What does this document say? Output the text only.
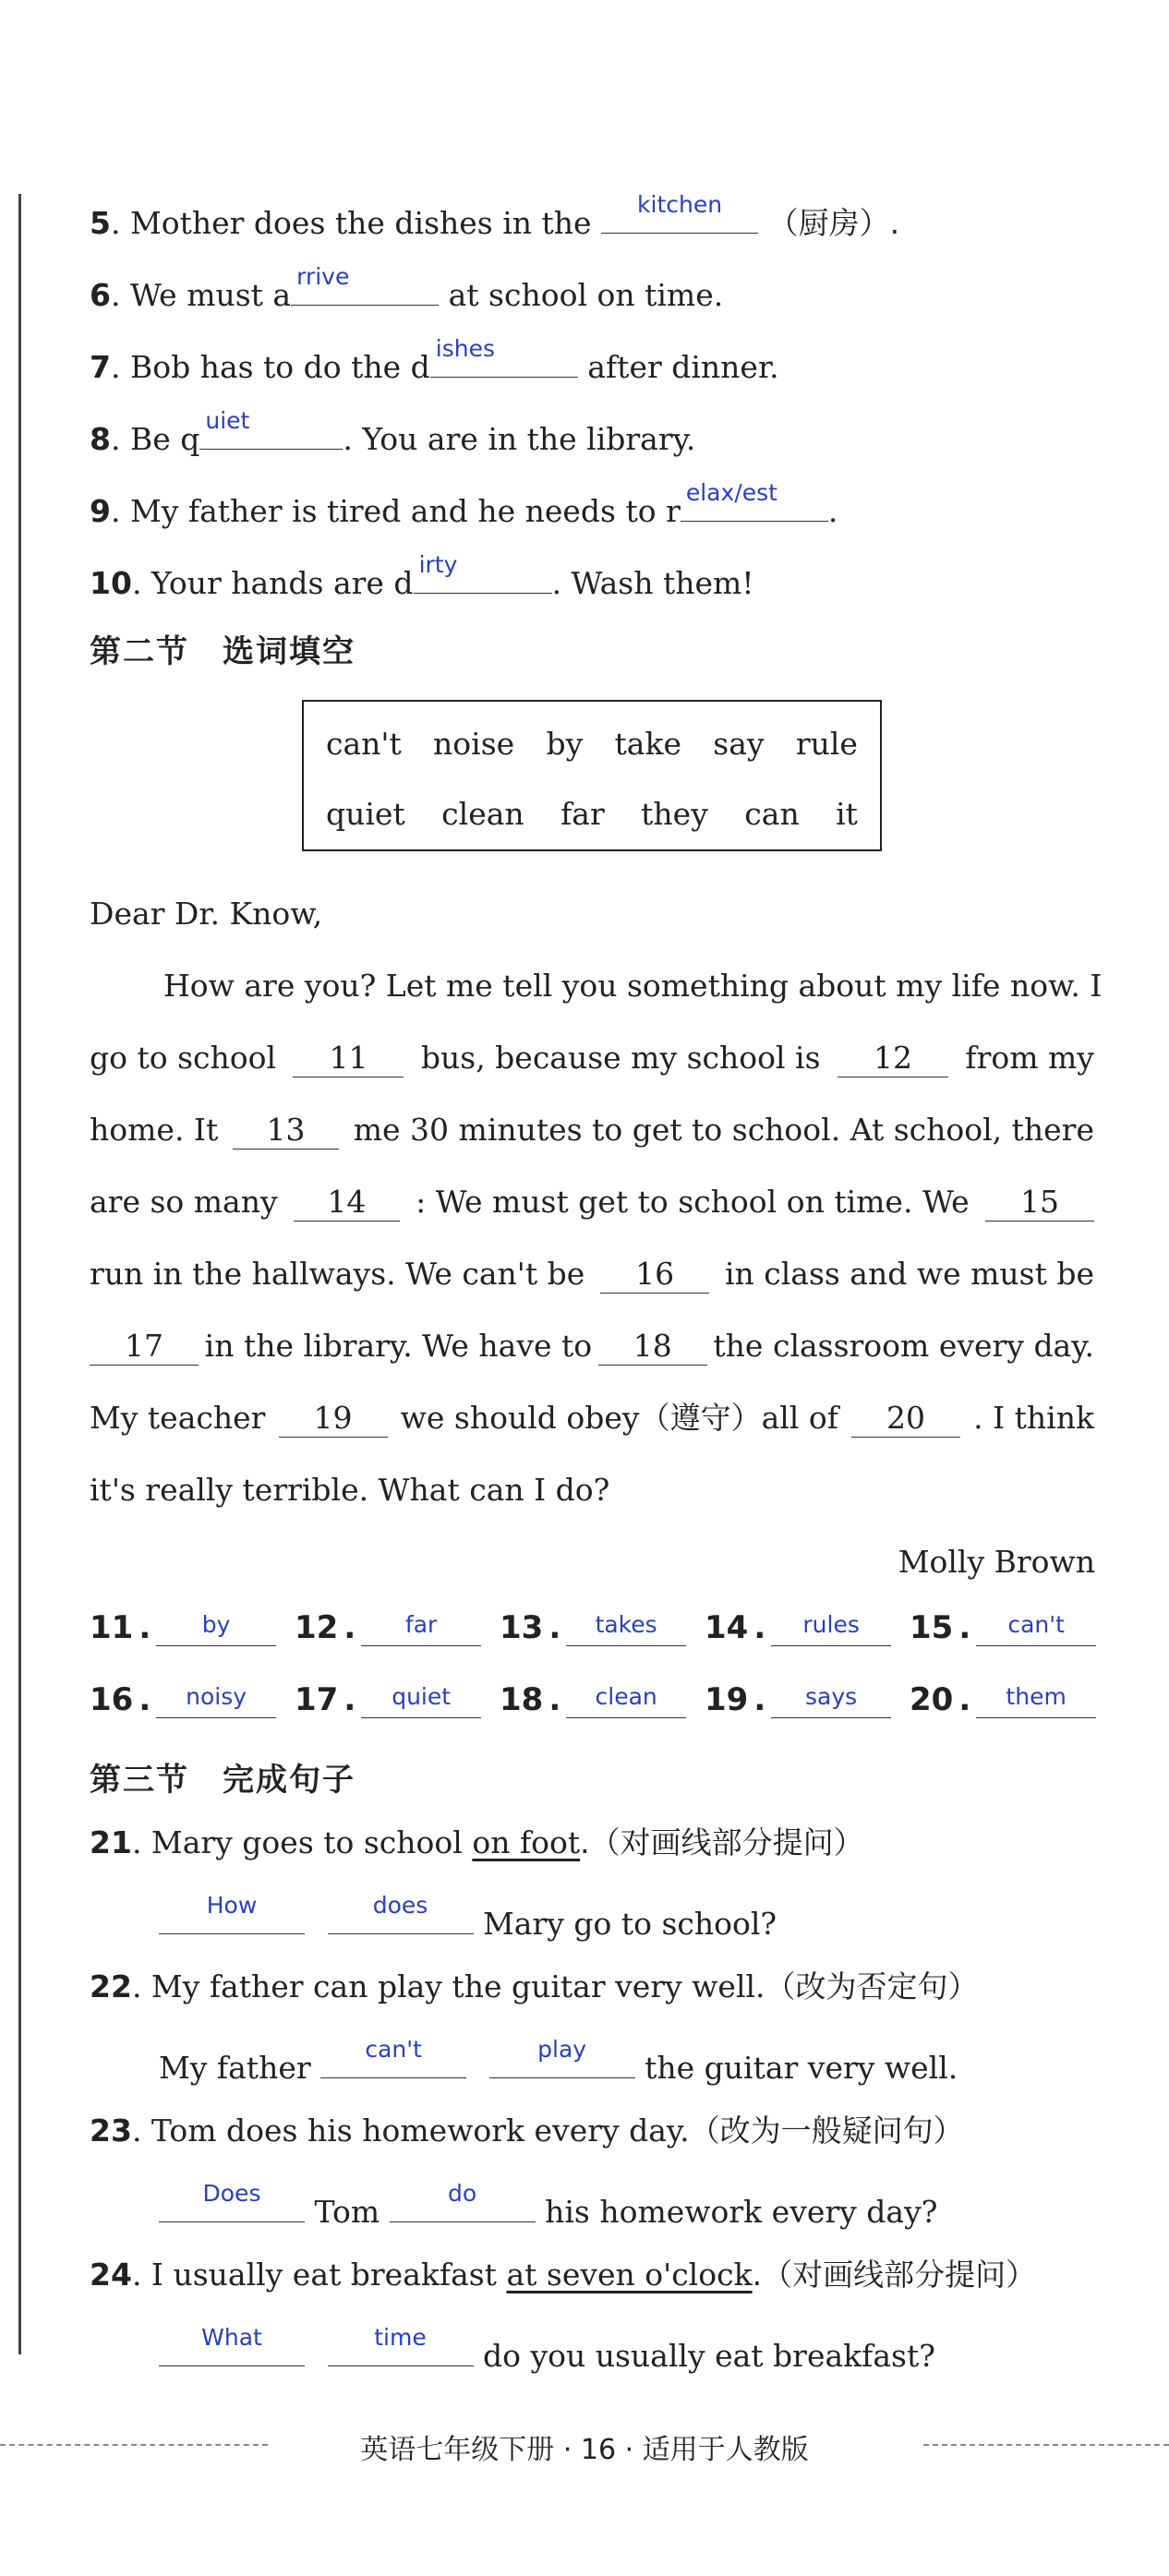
5. Mother does the dishes in the
kitchen
（厨房）.
6. We must a
rrive
at school on time.
7. Bob has to do the d
ishes
after dinner.
8. Be q
uiet
. You are in the library.
9. My father is tired and he needs to r
elax/est
.
10. Your hands are d
irty
. Wash them!
第二节　选词填空
can't noise by take say rule
quiet clean far they can it
Dear Dr. Know,
How are you? Let me tell you something about my life now. I
go to school	11	bus, because my school is	12	from my
home. It	13	me 30 minutes to get to school. At school, there
are so many	14	: We must get to school on time. We	15
run in the hallways. We can't be	16	in class and we must be
17	in the library. We have to	18	the classroom every day.
My teacher	19	we should obey（遵守）all of	20	. I think
it's really terrible. What can I do?
Molly Brown
11 .	by	12 .	far	13 .	takes	14 .	rules	15 .	can't
16 .	noisy	17 .	quiet	18 .	clean	19 .	says	20 .	them
第三节　完成句子
21. Mary goes to school on foot.（对画线部分提问）
How
	does
Mary go to school?
22. My father can play the guitar very well.（改为否定句）
My father
can't
	play
the guitar very well.
23. Tom does his homework every day.（改为一般疑问句）
Does
Tom
do
his homework every day?
24. I usually eat breakfast at seven o'clock.（对画线部分提问）
What
	time
do you usually eat breakfast?
英语七年级下册 · 16 · 适用于人教版
